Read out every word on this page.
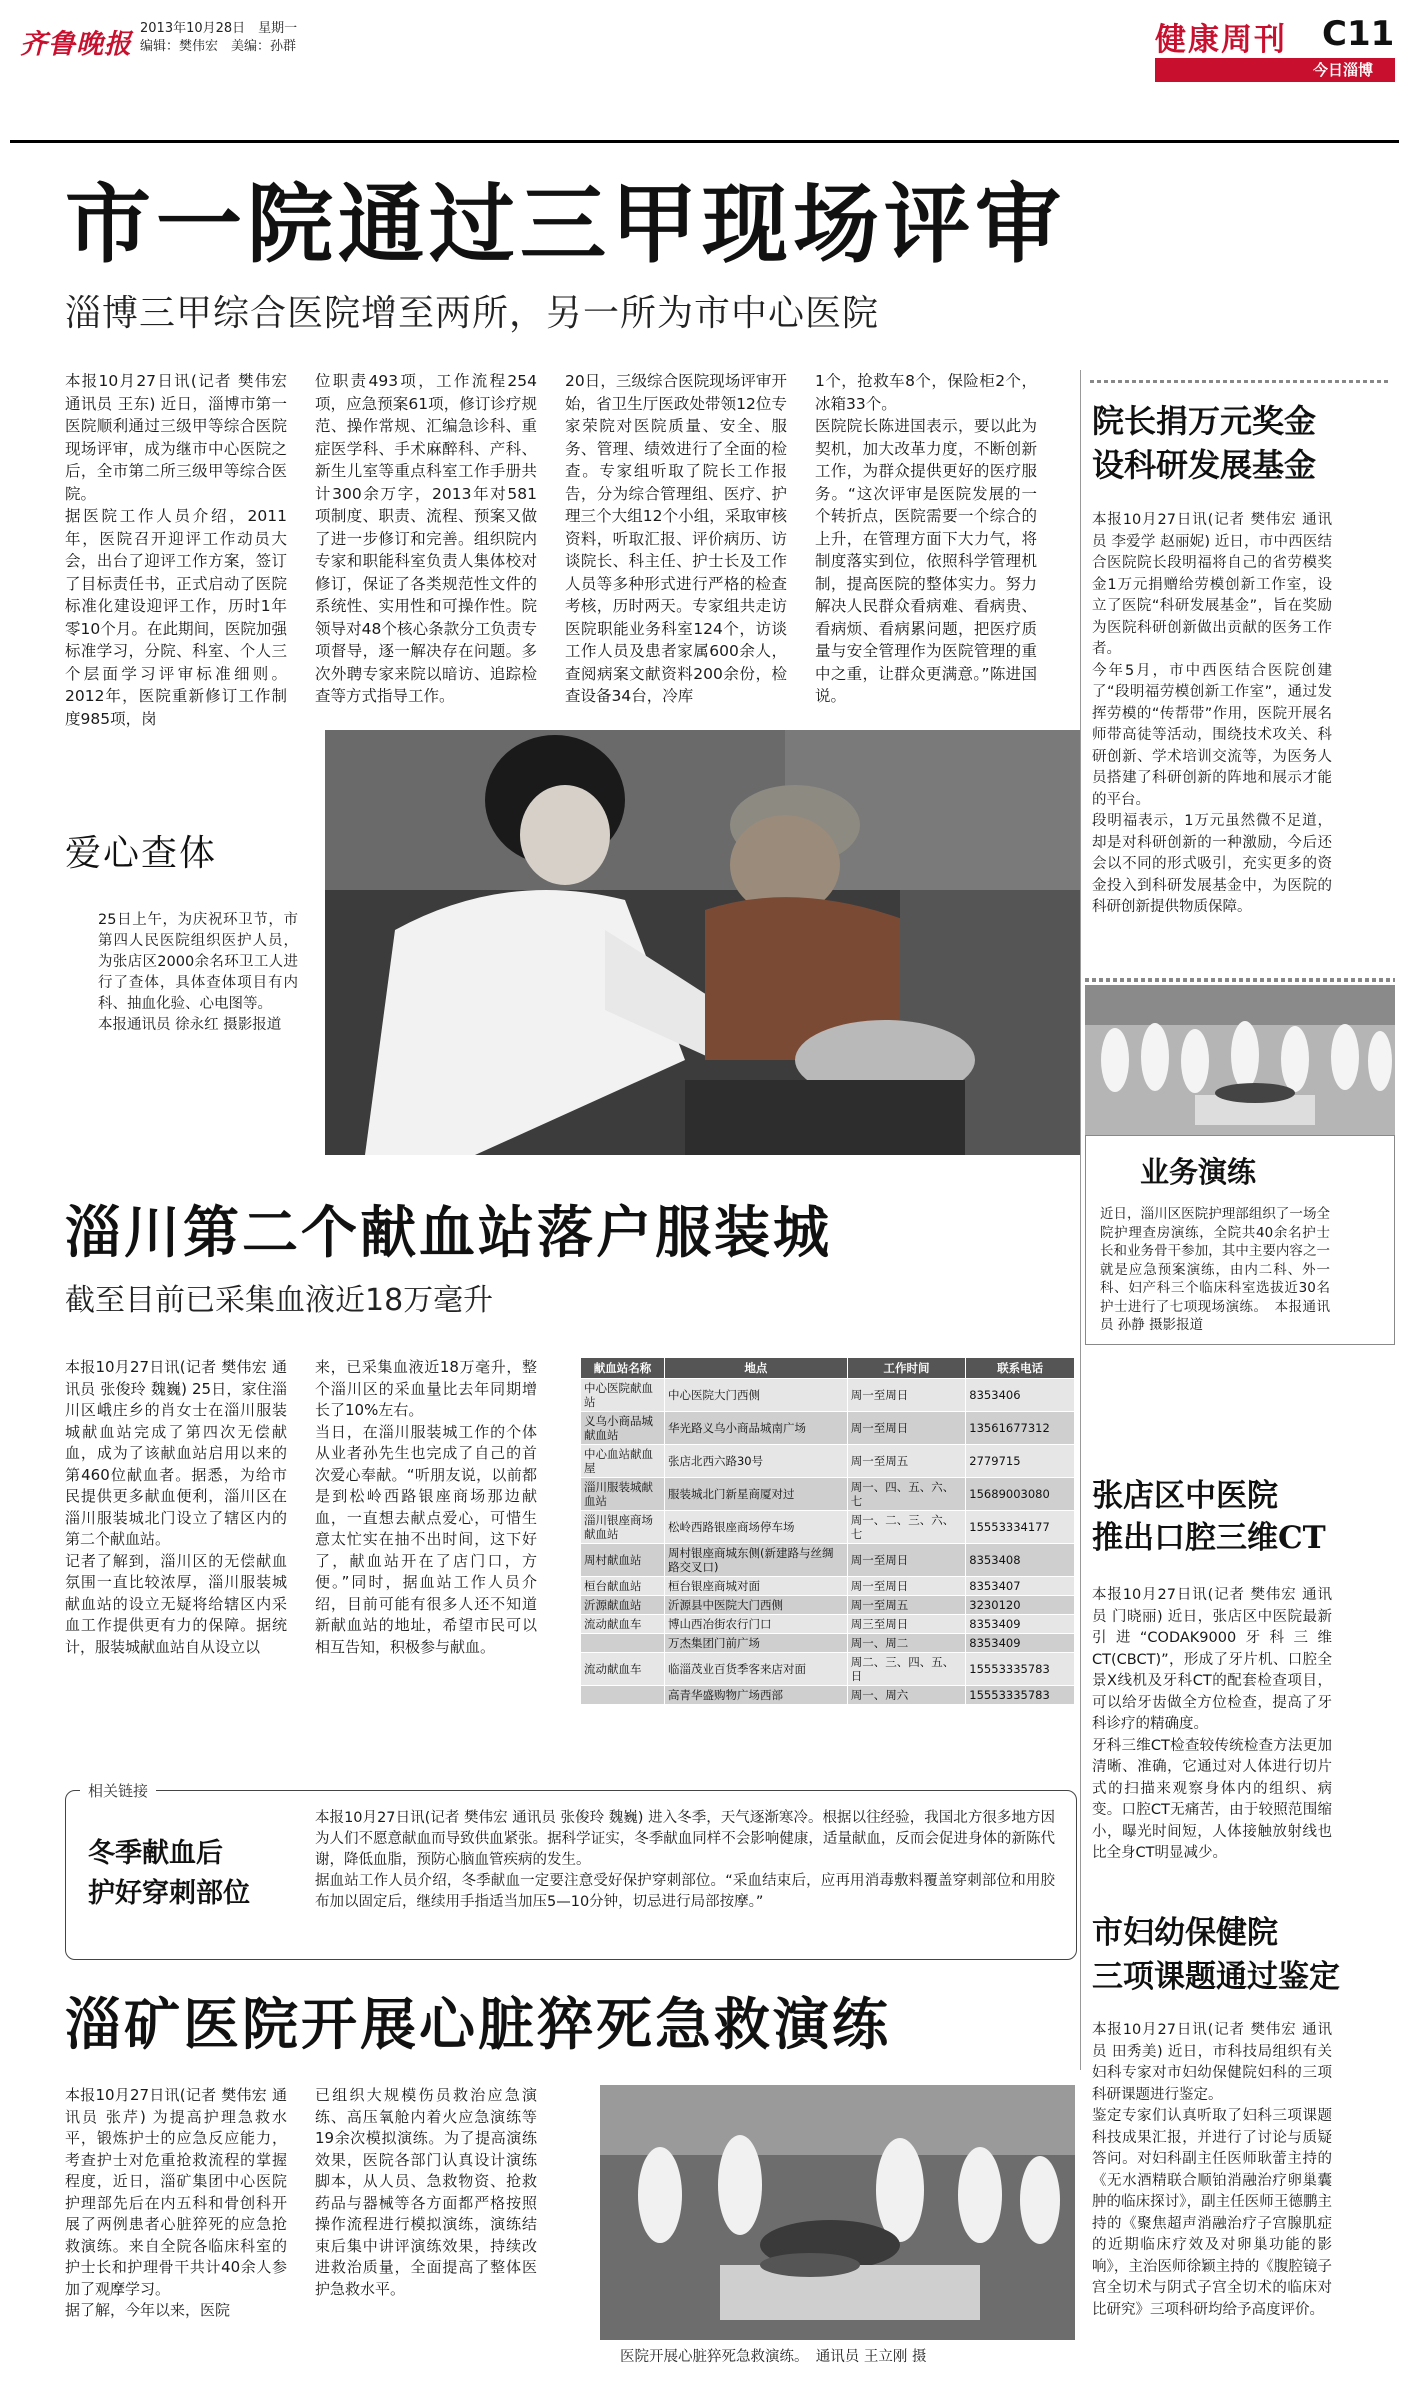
齐鲁晚报
2013年10月28日　星期一
编辑：樊伟宏　美编：孙群	健康周刊 C11
今日淄博
市一院通过三甲现场评审
淄博三甲综合医院增至两所，另一所为市中心医院
本报10月27日讯(记者 樊伟宏 通讯员 王东) 近日，淄博市第一医院顺利通过三级甲等综合医院现场评审，成为继市中心医院之后，全市第二所三级甲等综合医院。
据医院工作人员介绍，2011年，医院召开迎评工作动员大会，出台了迎评工作方案，签订了目标责任书，正式启动了医院标准化建设迎评工作，历时1年零10个月。在此期间，医院加强标准学习，分院、科室、个人三个层面学习评审标准细则。2012年，医院重新修订工作制度985项，岗
位职责493项，工作流程254项，应急预案61项，修订诊疗规范、操作常规、汇编急诊科、重症医学科、手术麻醉科、产科、新生儿室等重点科室工作手册共计300余万字，2013年对581项制度、职责、流程、预案又做了进一步修订和完善。组织院内专家和职能科室负责人集体校对修订，保证了各类规范性文件的系统性、实用性和可操作性。院领导对48个核心条款分工负责专项督导，逐一解决存在问题。多次外聘专家来院以暗访、追踪检查等方式指导工作。
20日，三级综合医院现场评审开始，省卫生厅医政处带领12位专家荣院对医院质量、安全、服务、管理、绩效进行了全面的检查。专家组听取了院长工作报告，分为综合管理组、医疗、护理三个大组12个小组，采取审核资料，听取汇报、评价病历、访谈院长、科主任、护士长及工作人员等多种形式进行严格的检查考核，历时两天。专家组共走访医院职能业务科室124个，访谈工作人员及患者家属600余人，查阅病案文献资料200余份，检查设备34台，冷库
1个，抢救车8个，保险柜2个，冰箱33个。
医院院长陈进国表示，要以此为契机，加大改革力度，不断创新工作，为群众提供更好的医疗服务。“这次评审是医院发展的一个转折点，医院需要一个综合的上升，在管理方面下大力气，将制度落实到位，依照科学管理机制，提高医院的整体实力。努力解决人民群众看病难、看病贵、看病烦、看病累问题，把医疗质量与安全管理作为医院管理的重中之重，让群众更满意。”陈进国说。
院长捐万元奖金
设科研发展基金
本报10月27日讯(记者 樊伟宏 通讯员 李爱学 赵丽妮) 近日，市中西医结合医院院长段明福将自己的省劳模奖金1万元捐赠给劳模创新工作室，设立了医院“科研发展基金”，旨在奖励为医院科研创新做出贡献的医务工作者。
今年5月，市中西医结合医院创建了“段明福劳模创新工作室”，通过发挥劳模的“传帮带”作用，医院开展名师带高徒等活动，围绕技术攻关、科研创新、学术培训交流等，为医务人员搭建了科研创新的阵地和展示才能的平台。
段明福表示，1万元虽然微不足道，却是对科研创新的一种激励，今后还会以不同的形式吸引，充实更多的资金投入到科研发展基金中，为医院的科研创新提供物质保障。
爱心查体
25日上午，为庆祝环卫节，市第四人民医院组织医护人员，为张店区2000余名环卫工人进行了查体，具体查体项目有内科、抽血化验、心电图等。
本报通讯员 徐永红 摄影报道
业务演练
近日，淄川区医院护理部组织了一场全院护理查房演练，全院共40余名护士长和业务骨干参加，其中主要内容之一就是应急预案演练，由内二科、外一科、妇产科三个临床科室选拔近30名护士进行了七项现场演练。　本报通讯员 孙静 摄影报道
淄川第二个献血站落户服装城
截至目前已采集血液近18万毫升
本报10月27日讯(记者 樊伟宏 通讯员 张俊玲 魏巍) 25日，家住淄川区峨庄乡的肖女士在淄川服装城献血站完成了第四次无偿献血，成为了该献血站启用以来的第460位献血者。据悉，为给市民提供更多献血便利，淄川区在淄川服装城北门设立了辖区内的第二个献血站。
记者了解到，淄川区的无偿献血氛围一直比较浓厚，淄川服装城献血站的设立无疑将给辖区内采血工作提供更有力的保障。据统计，服装城献血站自从设立以
来，已采集血液近18万毫升，整个淄川区的采血量比去年同期增长了10%左右。
当日，在淄川服装城工作的个体从业者孙先生也完成了自己的首次爱心奉献。“听朋友说，以前都是到松岭西路银座商场那边献血，一直想去献点爱心，可惜生意太忙实在抽不出时间，这下好了，献血站开在了店门口，方便。”同时，据血站工作人员介绍，目前可能有很多人还不知道新献血站的地址，希望市民可以相互告知，积极参与献血。
献血站名称	地点	工作时间	联系电话
中心医院献血站	中心医院大门西侧	周一至周日	8353406
义乌小商品城献血站	华光路义乌小商品城南广场	周一至周日	13561677312
中心血站献血屋	张店北西六路30号	周一至周五	2779715
淄川服装城献血站	服装城北门新星商厦对过	周一、四、五、六、七	15689003080
淄川银座商场献血站	松岭西路银座商场停车场	周一、二、三、六、七	15553334177
周村献血站	周村银座商城东侧(新建路与丝绸路交叉口)	周一至周日	8353408
桓台献血站	桓台银座商城对面	周一至周日	8353407
沂源献血站	沂源县中医院大门西侧	周一至周五	3230120
流动献血车	博山西冶街农行门口	周三至周日	8353409
	万杰集团门前广场	周一、周二	8353409
流动献血车	临淄茂业百货季客来店对面	周二、三、四、五、日	15553335783
	高青华盛购物广场西部	周一、周六	15553335783
相关链接
冬季献血后
护好穿刺部位
本报10月27日讯(记者 樊伟宏 通讯员 张俊玲 魏巍) 进入冬季，天气逐渐寒冷。根据以往经验，我国北方很多地方因为人们不愿意献血而导致供血紧张。据科学证实，冬季献血同样不会影响健康，适量献血，反而会促进身体的新陈代谢，降低血脂，预防心脑血管疾病的发生。
据血站工作人员介绍，冬季献血一定要注意受好保护穿刺部位。“采血结束后，应再用消毒敷料覆盖穿刺部位和用胶布加以固定后，继续用手指适当加压5—10分钟，切忌进行局部按摩。”
张店区中医院
推出口腔三维CT
本报10月27日讯(记者 樊伟宏 通讯员 门晓丽) 近日，张店区中医院最新引进“CODAK9000牙科三维CT(CBCT)”，形成了牙片机、口腔全景X线机及牙科CT的配套检查项目，可以给牙齿做全方位检查，提高了牙科诊疗的精确度。
牙科三维CT检查较传统检查方法更加清晰、准确，它通过对人体进行切片式的扫描来观察身体内的组织、病变。口腔CT无痛苦，由于较照范围缩小，曝光时间短，人体接触放射线也比全身CT明显减少。
市妇幼保健院
三项课题通过鉴定
本报10月27日讯(记者 樊伟宏 通讯员 田秀美) 近日，市科技局组织有关妇科专家对市妇幼保健院妇科的三项科研课题进行鉴定。
鉴定专家们认真听取了妇科三项课题科技成果汇报，并进行了讨论与质疑答问。对妇科副主任医师耿蕾主持的《无水酒精联合顺铂消融治疗卵巢囊肿的临床探讨》，副主任医师王德鹏主持的《聚焦超声消融治疗子宫腺肌症的近期临床疗效及对卵巢功能的影响》，主治医师徐颖主持的《腹腔镜子宫全切术与阴式子宫全切术的临床对比研究》三项科研均给予高度评价。
淄矿医院开展心脏猝死急救演练
本报10月27日讯(记者 樊伟宏 通讯员 张芹) 为提高护理急救水平，锻炼护士的应急反应能力，考查护士对危重抢救流程的掌握程度，近日，淄矿集团中心医院护理部先后在内五科和骨创科开展了两例患者心脏猝死的应急抢救演练。来自全院各临床科室的护士长和护理骨干共计40余人参加了观摩学习。
据了解，今年以来，医院
已组织大规模伤员救治应急演练、高压氧舱内着火应急演练等19余次模拟演练。为了提高演练效果，医院各部门认真设计演练脚本，从人员、急救物资、抢救药品与器械等各方面都严格按照操作流程进行模拟演练，演练结束后集中讲评演练效果，持续改进救治质量，全面提高了整体医护急救水平。
医院开展心脏猝死急救演练。　通讯员 王立刚 摄
